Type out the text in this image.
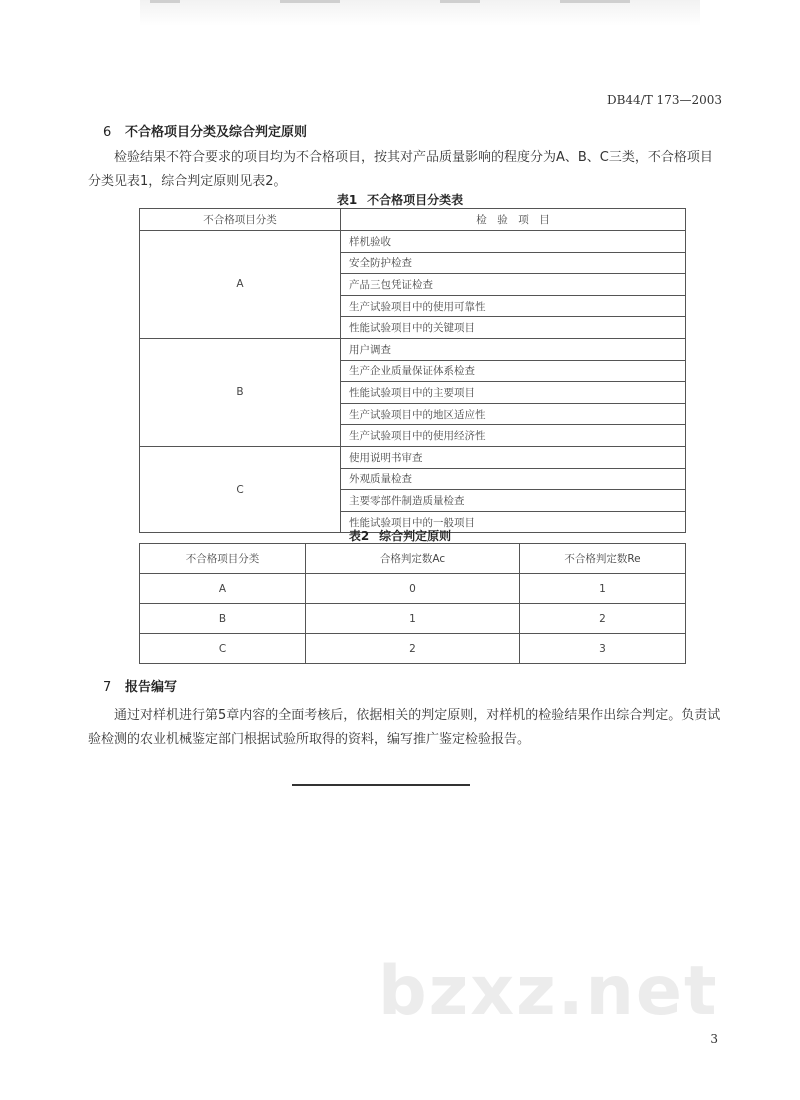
DB44/T 173—2003
6 不合格项目分类及综合判定原则
检验结果不符合要求的项目均为不合格项目，按其对产品质量影响的程度分为A、B、C三类，不合格项目分类见表1，综合判定原则见表2。
表1 不合格项目分类表
不合格项目分类	检　验　项　目
A	样机验收
	安全防护检查
	产品三包凭证检查
	生产试验项目中的使用可靠性
	性能试验项目中的关键项目
B	用户调查
	生产企业质量保证体系检查
	性能试验项目中的主要项目
	生产试验项目中的地区适应性
	生产试验项目中的使用经济性
C	使用说明书审查
	外观质量检查
	主要零部件制造质量检查
	性能试验项目中的一般项目
表2 综合判定原则
不合格项目分类	合格判定数Ac	不合格判定数Re
A	0	1
B	1	2
C	2	3
7 报告编写
通过对样机进行第5章内容的全面考核后，依据相关的判定原则，对样机的检验结果作出综合判定。负责试验检测的农业机械鉴定部门根据试验所取得的资料，编写推广鉴定检验报告。
bzxz.net
3
